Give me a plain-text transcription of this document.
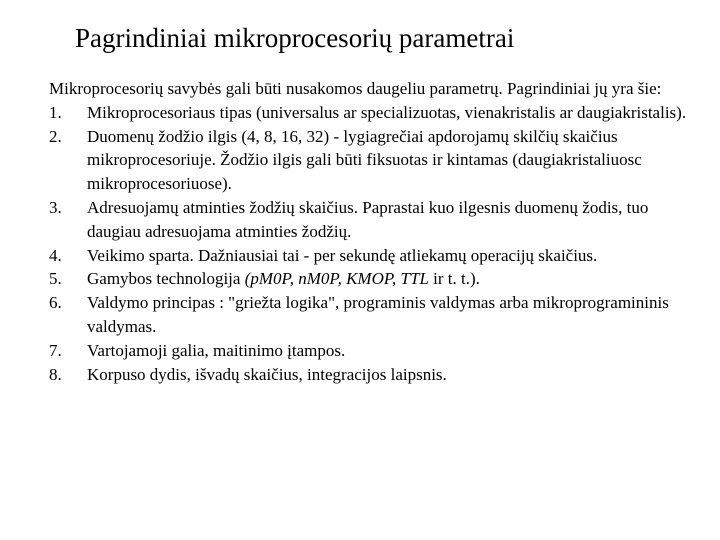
Pagrindiniai mikroprocesorių parametrai
Mikroprocesorių savybės gali būti nusakomos daugeliu parametrų. Pagrindiniai jų yra šie:
1. Mikroprocesoriaus tipas (universalus ar specializuotas, vienakristalis ar daugiakristalis).
2. Duomenų žodžio ilgis (4, 8, 16, 32) - lygiagrečiai apdorojamų skilčių skaičius mikroprocesoriuje. Žodžio ilgis gali būti fiksuotas ir kintamas (daugiakristaliuosc mikroprocesoriuose).
3. Adresuojamų atminties žodžių skaičius. Paprastai kuo ilgesnis duomenų žodis, tuo daugiau adresuojama atminties žodžių.
4. Veikimo sparta. Dažniausiai tai - per sekundę atliekamų operacijų skaičius.
5. Gamybos technologija (pM0P, nM0P, KMOP, TTL ir t. t.).
6. Valdymo principas : "griežta logika", programinis valdymas arba mikroprogramininis valdymas.
7. Vartojamoji galia, maitinimo įtampos.
8. Korpuso dydis, išvadų skaičius, integracijos laipsnis.
